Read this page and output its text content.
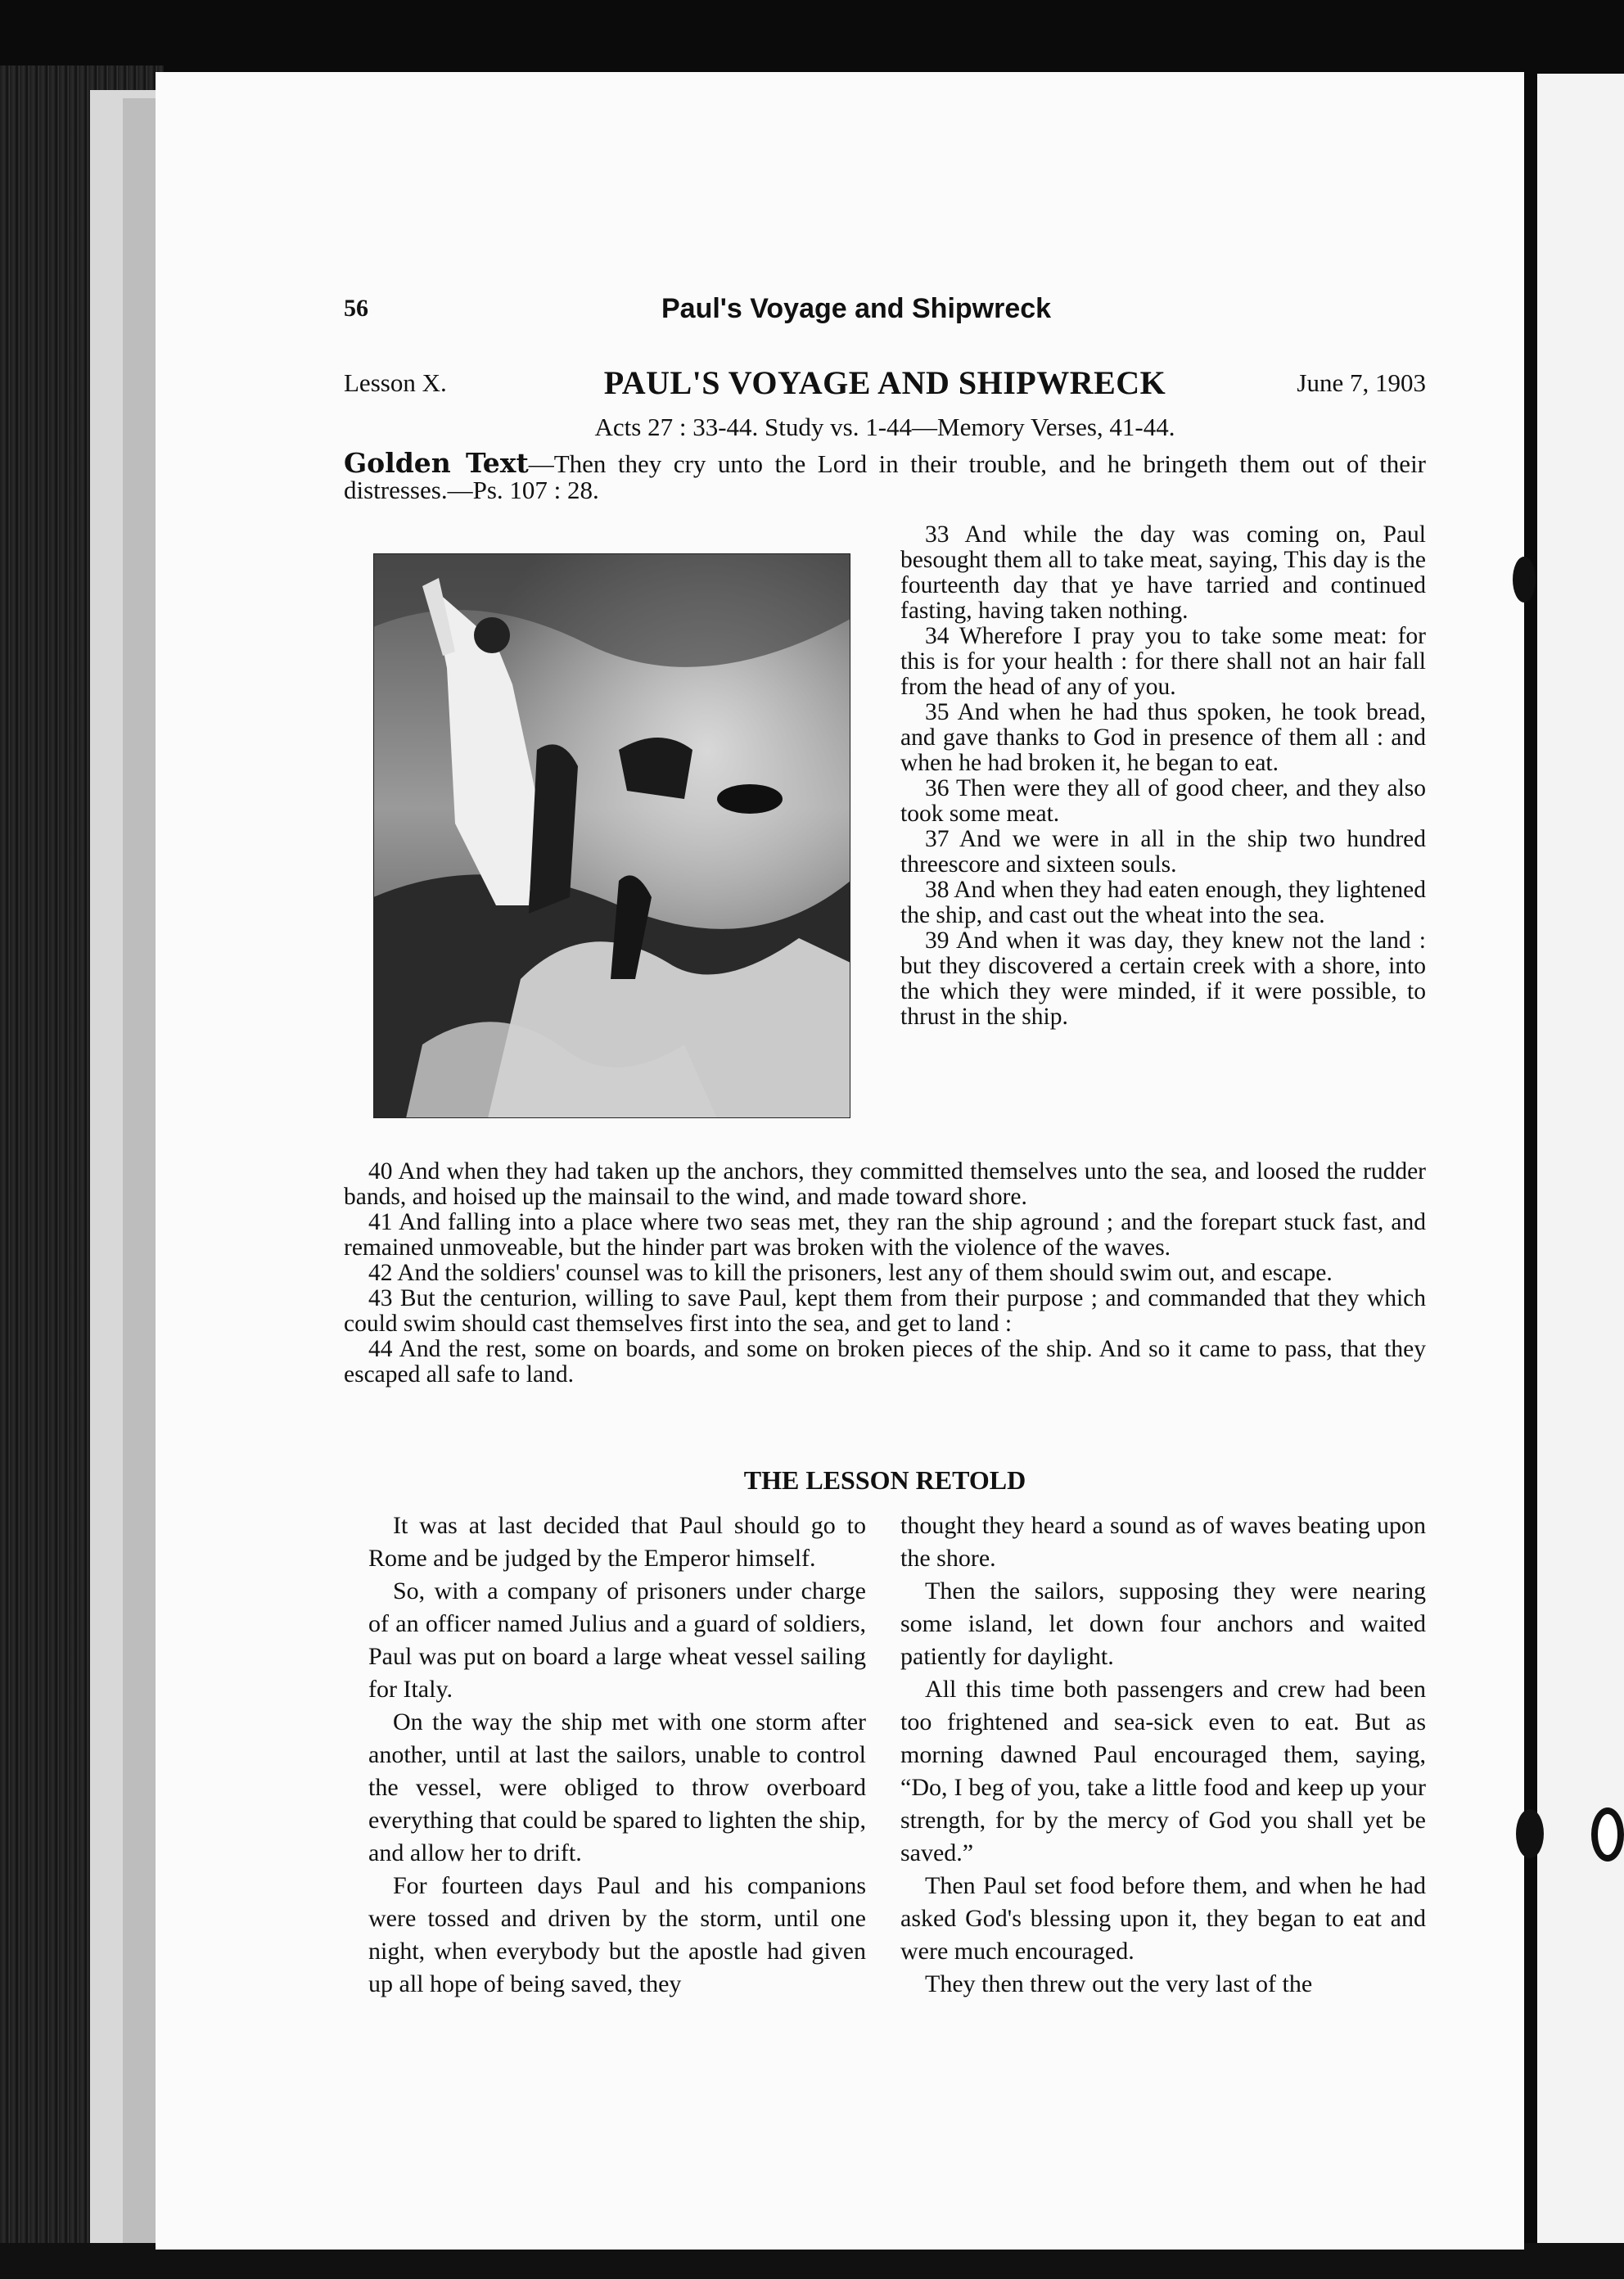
56	Paul's Voyage and Shipwreck
Lesson X.	PAUL'S VOYAGE AND SHIPWRECK	June 7, 1903
Acts 27 : 33-44. Study vs. 1-44—Memory Verses, 41-44.
Golden Text—Then they cry unto the Lord in their trouble, and he bringeth them out of their distresses.—Ps. 107 : 28.

33 And while the day was coming on, Paul besought them all to take meat, saying, This day is the fourteenth day that ye have tarried and continued fasting, having taken nothing.

34 Wherefore I pray you to take some meat: for this is for your health : for there shall not an hair fall from the head of any of you.

35 And when he had thus spoken, he took bread, and gave thanks to God in presence of them all : and when he had broken it, he began to eat.

36 Then were they all of good cheer, and they also took some meat.

37 And we were in all in the ship two hundred threescore and sixteen souls.

38 And when they had eaten enough, they lightened the ship, and cast out the wheat into the sea.

39 And when it was day, they knew not the land : but they discovered a certain creek with a shore, into the which they were minded, if it were possible, to thrust in the ship.

40 And when they had taken up the anchors, they committed themselves unto the sea, and loosed the rudder bands, and hoised up the mainsail to the wind, and made toward shore.

41 And falling into a place where two seas met, they ran the ship aground ; and the forepart stuck fast, and remained unmoveable, but the hinder part was broken with the violence of the waves.

42 And the soldiers' counsel was to kill the prisoners, lest any of them should swim out, and escape.

43 But the centurion, willing to save Paul, kept them from their purpose ; and commanded that they which could swim should cast themselves first into the sea, and get to land :

44 And the rest, some on boards, and some on broken pieces of the ship. And so it came to pass, that they escaped all safe to land.

THE LESSON RETOLD

It was at last decided that Paul should go to Rome and be judged by the Emperor himself.

So, with a company of prisoners under charge of an officer named Julius and a guard of soldiers, Paul was put on board a large wheat vessel sailing for Italy.

On the way the ship met with one storm after another, until at last the sailors, unable to control the vessel, were obliged to throw overboard everything that could be spared to lighten the ship, and allow her to drift.

For fourteen days Paul and his companions were tossed and driven by the storm, until one night, when everybody but the apostle had given up all hope of being saved, they

thought they heard a sound as of waves beating upon the shore.

Then the sailors, supposing they were nearing some island, let down four anchors and waited patiently for daylight.

All this time both passengers and crew had been too frightened and sea-sick even to eat. But as morning dawned Paul encouraged them, saying, “Do, I beg of you, take a little food and keep up your strength, for by the mercy of God you shall yet be saved.”

Then Paul set food before them, and when he had asked God's blessing upon it, they began to eat and were much encouraged.

They then threw out the very last of the
